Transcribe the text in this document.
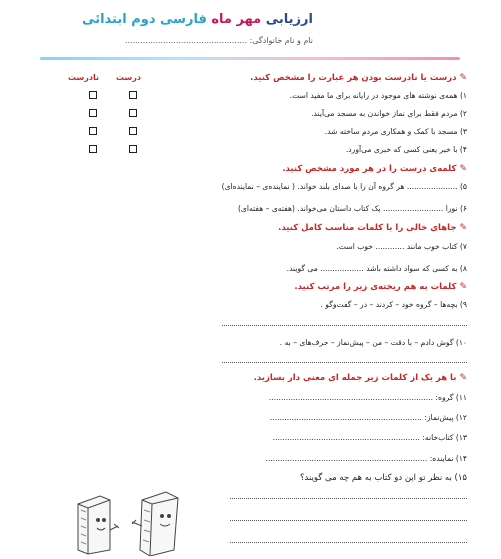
ارزیابی مهر ماه فارسی دوم ابتدائی
نام و نام خانوادگی: ................................................
✎درست یا نادرست بودن هر عبارت را مشخص کنید.
درست
نادرست
۱) همه‌ی نوشته های موجود در رایانه برای ما مفید است.
۲) مردم فقط برای نماز خواندن به مسجد می‌آیند.
۳) مسجد با کمک و همکاری مردم ساخته شد.
۴) با خبر یعنی کسی که خبری می‌آورد.
✎کلمه‌ی درست را در هر مورد مشخص کنید.
۵) ..................... هر گروه آن را با صدای بلند خواند. ( نماینده‌ی – نماینده‌ای)
۶) نورا ......................... یک کتاب داستان می‌خواند. (هفته‌ی – هفته‌ای)
✎جاهای خالی را با کلمات مناسب کامل کنید.
۷) کتاب خوب مانند ............ خوب است.
۸) به کسی که سواد داشته باشد .................. می گویند.
✎کلمات به هم ریخته‌ی زیر را مرتب کنید.
۹) بچه‌ها – گروه خود – کردند – در – گفت‌وگو .
۱۰) گوش دادم – با دقت – من – پیش‌نماز – حرف‌های – به .
✎با هر یک از کلمات زیر جمله ای معنی دار بسازید.
۱۱) گروه: ....................................................................
۱۲) پیش‌نماز: ...............................................................
۱۳) کتاب‌خانه: .............................................................
۱۴) نماینده: ...................................................................
۱۵) به نظر تو این دو کتاب به هم چه می گویند؟
